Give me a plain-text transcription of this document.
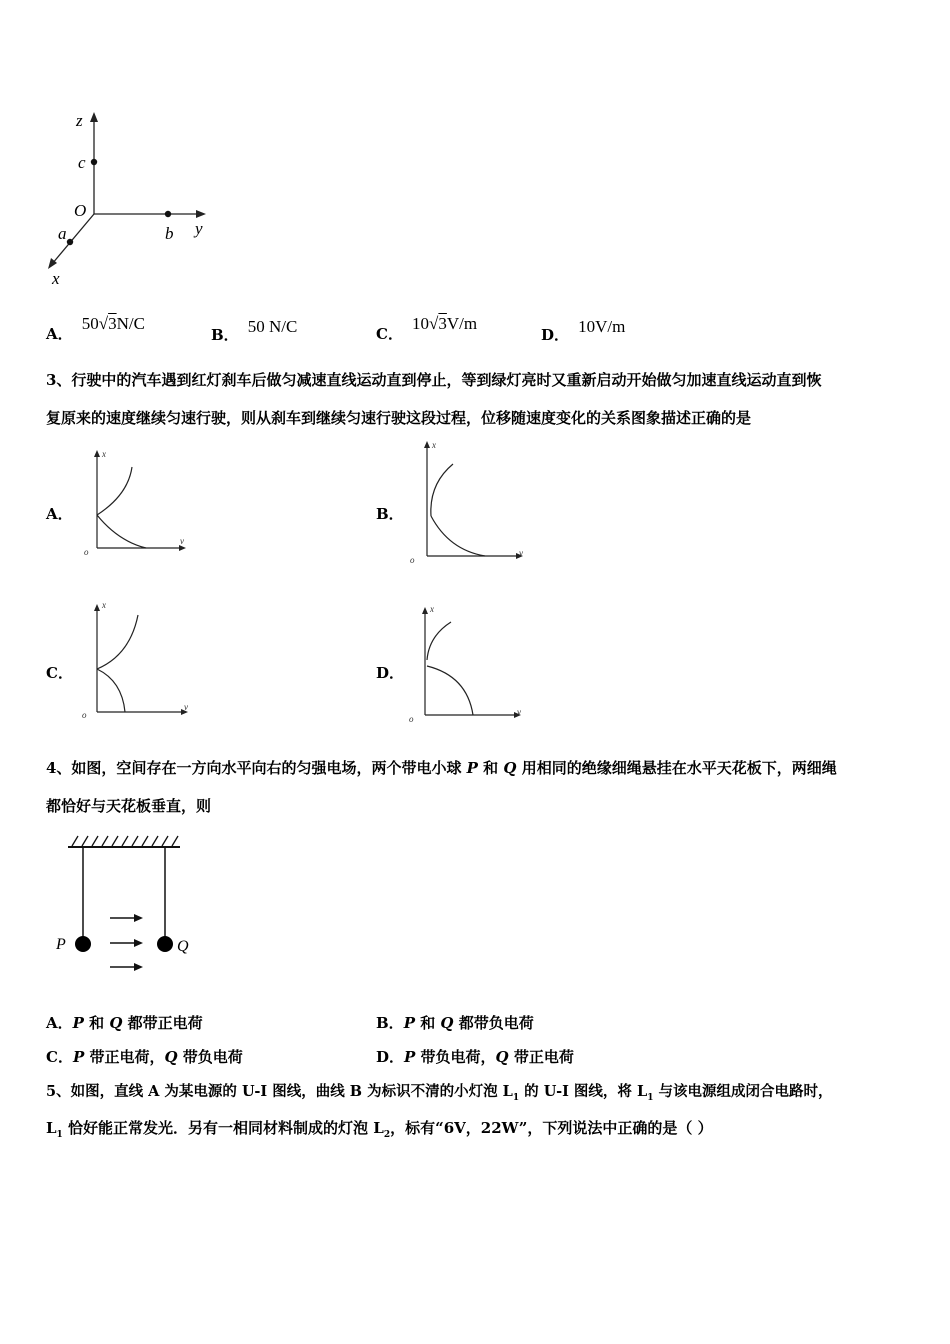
z
c
O
y
b
a
x
A． 50√3N/C
B． 50 N/C	C． 10√3V/m
D． 10V/m
3、行驶中的汽车遇到红灯刹车后做匀减速直线运动直到停止，等到绿灯亮时又重新启动开始做匀加速直线运动直到恢
复原来的速度继续匀速行驶，则从刹车到继续匀速行驶这段过程，位移随速度变化的关系图象描述正确的是
A．	B．
C．	D．
x
v
o
x
v
o
x
v
o
x
v
o
4、如图，空间存在一方向水平向右的匀强电场，两个带电小球 P 和 Q 用相同的绝缘细绳悬挂在水平天花板下，两细绳
都恰好与天花板垂直，则
P	Q
A．P 和 Q 都带正电荷	B．P 和 Q 都带负电荷
C．P 带正电荷，Q 带负电荷	D．P 带负电荷，Q 带正电荷
5、如图，直线 A 为某电源的 U-I 图线，曲线 B 为标识不清的小灯泡 $L_1$ 的 U-I 图线，将 $L_1$ 与该电源组成闭合电路时，
$L_1$ 恰好能正常发光．另有一相同材料制成的灯泡 $L_2$，标有“6V，22W”，下列说法中正确的是（ ）
